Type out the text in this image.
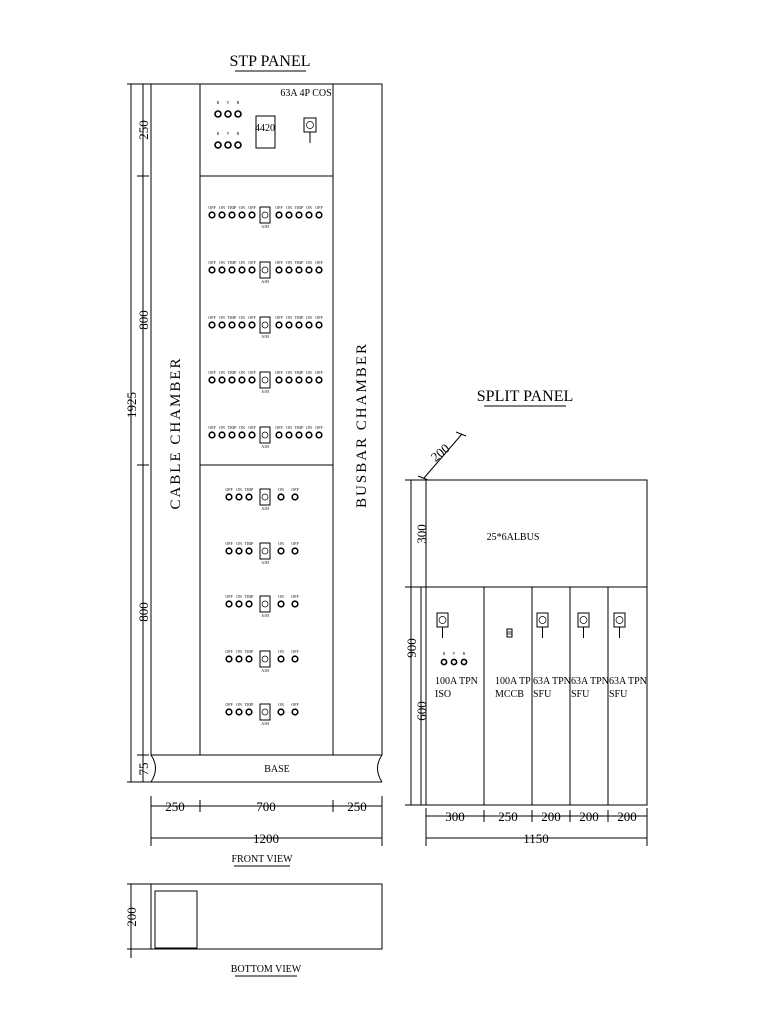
STP PANEL
CABLE CHAMBER	BUSBAR CHAMBER
R Y B
R Y B 4420
63A 4P COS
OFF ON TRIP ON OFF
A/M
OFF ON TRIP ON OFF
OFF ON TRIP ON OFF
A/M
OFF ON TRIP ON OFF
OFF ON TRIP ON OFF
A/M
OFF ON TRIP ON OFF
OFF ON TRIP ON OFF
A/M
OFF ON TRIP ON OFF
OFF ON TRIP ON OFF
A/M
OFF ON TRIP ON OFF
OFF ON TRIP
A/M
ON OFF
OFF ON TRIP
A/M
ON OFF
OFF ON TRIP
A/M
ON OFF
OFF ON TRIP
A/M
ON OFF
OFF ON TRIP
A/M
ON OFF
BASE
250
800
800
75
1925
250	700	250
1200
FRONT VIEW
200
BOTTOM VIEW
SPLIT PANEL
200
25*6ALBUS
R Y B
100A TPN
ISO
100A TP
MCCB
63A TPN
SFU
63A TPN
SFU
63A TPN
SFU
300
900
600
300	250 200 200 200
1150
